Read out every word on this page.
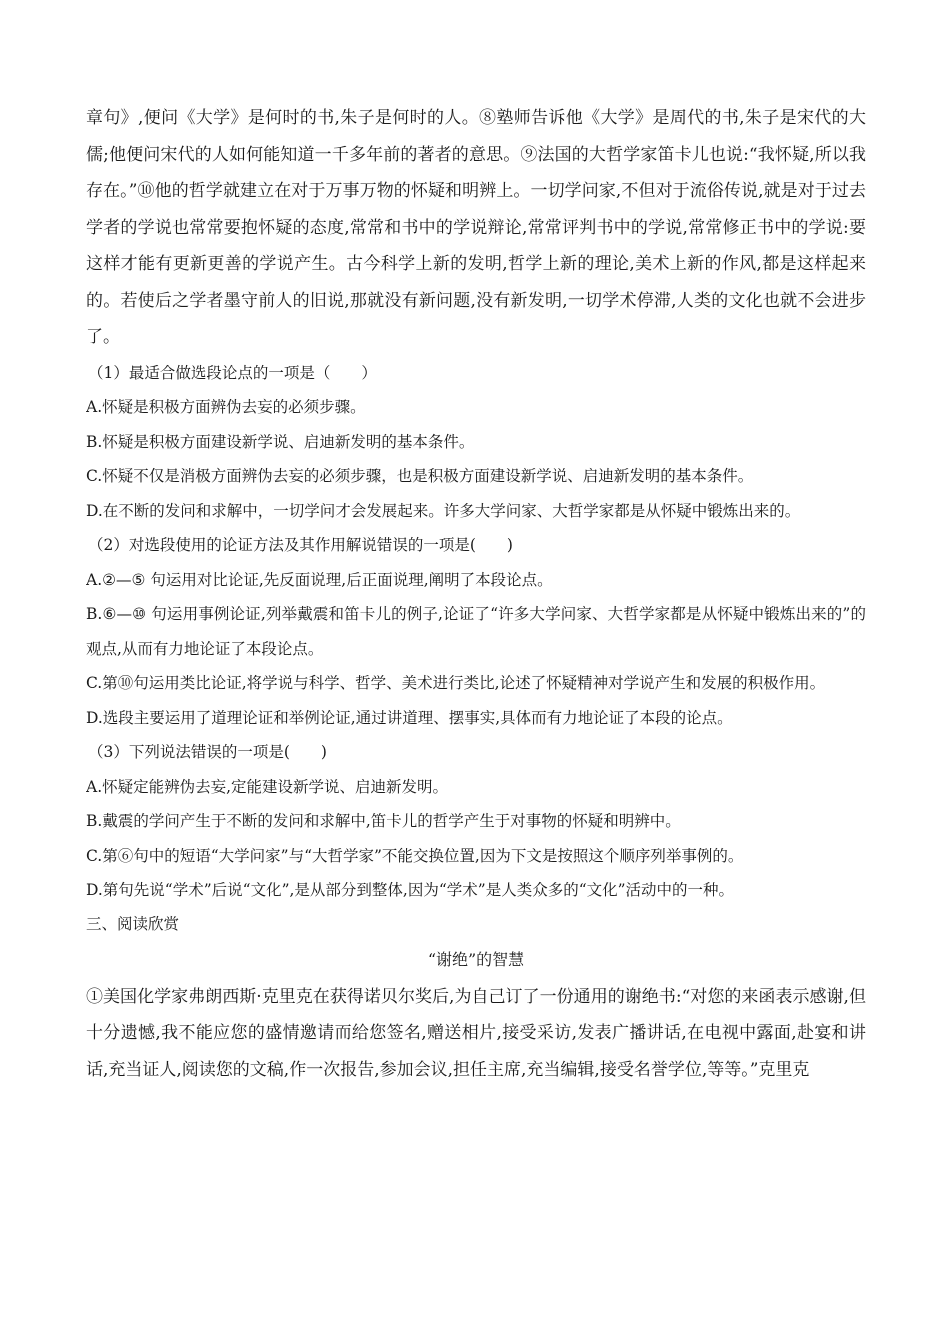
章句》,便问《大学》是何时的书,朱子是何时的人。⑧塾师告诉他《大学》是周代的书,朱子是宋代的大儒;他便问宋代的人如何能知道一千多年前的著者的意思。⑨法国的大哲学家笛卡儿也说:“我怀疑,所以我存在。”⑩他的哲学就建立在对于万事万物的怀疑和明辨上。一切学问家,不但对于流俗传说,就是对于过去学者的学说也常常要抱怀疑的态度,常常和书中的学说辩论,常常评判书中的学说,常常修正书中的学说:要这样才能有更新更善的学说产生。古今科学上新的发明,哲学上新的理论,美术上新的作风,都是这样起来的。若使后之学者墨守前人的旧说,那就没有新问题,没有新发明,一切学术停滞,人类的文化也就不会进步了。

（1）最适合做选段论点的一项是（　　）

A.怀疑是积极方面辨伪去妄的必须步骤。

B.怀疑是积极方面建设新学说、启迪新发明的基本条件。

C.怀疑不仅是消极方面辨伪去妄的必须步骤，也是积极方面建设新学说、启迪新发明的基本条件。

D.在不断的发问和求解中，一切学问才会发展起来。许多大学问家、大哲学家都是从怀疑中锻炼出来的。

（2）对选段使用的论证方法及其作用解说错误的一项是(　　)

A.②—⑤ 句运用对比论证,先反面说理,后正面说理,阐明了本段论点。

B.⑥—⑩ 句运用事例论证,列举戴震和笛卡儿的例子,论证了“许多大学问家、大哲学家都是从怀疑中锻炼出来的”的观点,从而有力地论证了本段论点。

C.第⑩句运用类比论证,将学说与科学、哲学、美术进行类比,论述了怀疑精神对学说产生和发展的积极作用。

D.选段主要运用了道理论证和举例论证,通过讲道理、摆事实,具体而有力地论证了本段的论点。

（3）下列说法错误的一项是(　　)

A.怀疑定能辨伪去妄,定能建设新学说、启迪新发明。

B.戴震的学问产生于不断的发问和求解中,笛卡儿的哲学产生于对事物的怀疑和明辨中。

C.第⑥句中的短语“大学问家”与“大哲学家”不能交换位置,因为下文是按照这个顺序列举事例的。

D.第句先说“学术”后说“文化”,是从部分到整体,因为“学术”是人类众多的“文化”活动中的一种。

三、阅读欣赏

“谢绝”的智慧

①美国化学家弗朗西斯·克里克在获得诺贝尔奖后,为自己订了一份通用的谢绝书:“对您的来函表示感谢,但十分遗憾,我不能应您的盛情邀请而给您签名,赠送相片,接受采访,发表广播讲话,在电视中露面,赴宴和讲话,充当证人,阅读您的文稿,作一次报告,参加会议,担任主席,充当编辑,接受名誉学位,等等。”克里克
